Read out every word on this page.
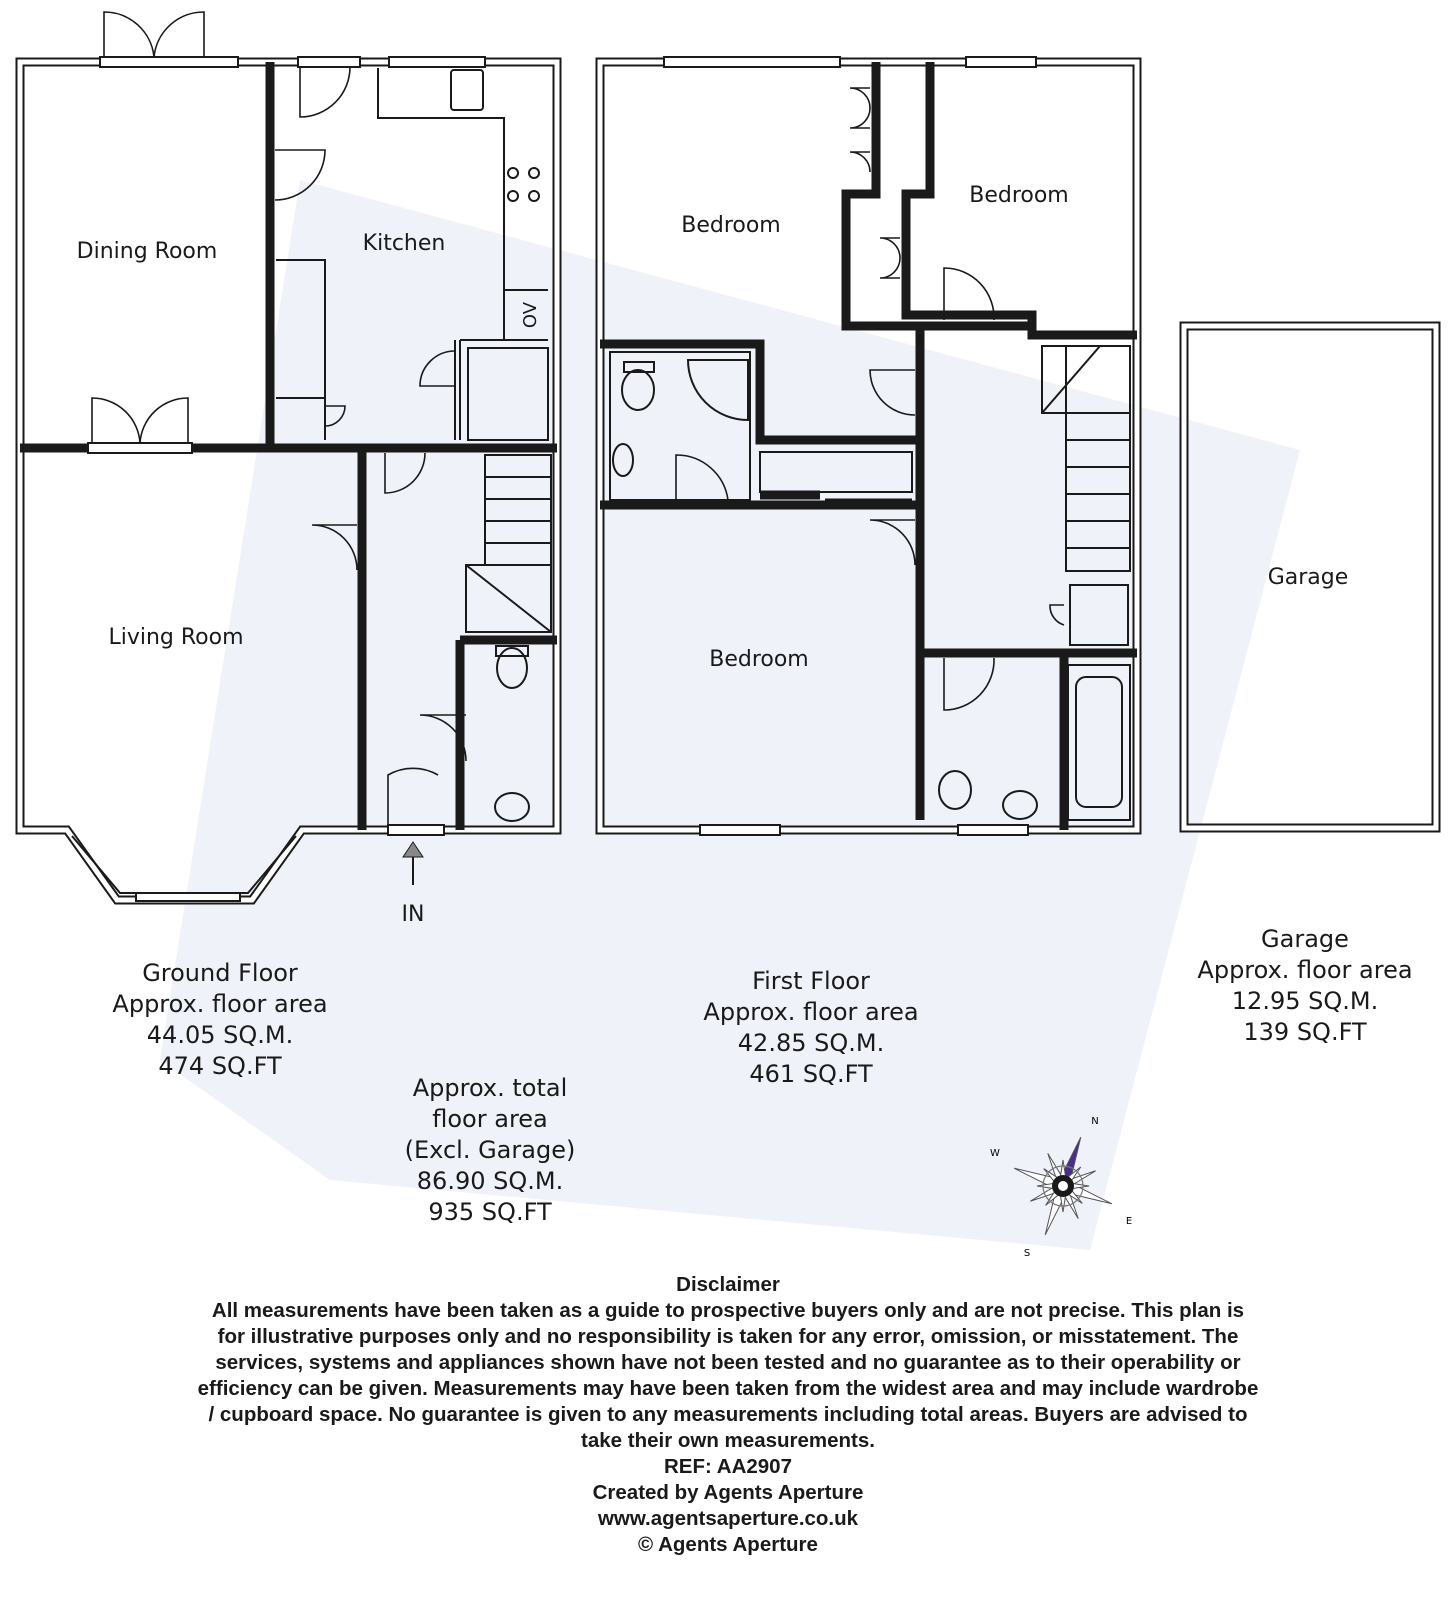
Dining Room	Kitchen
Living Room
Bedroom
Bedroom
Bedroom
Garage
OV
IN
N
E
S
W
Ground Floor
Approx. floor area
44.05 SQ.M.
474 SQ.FT
First Floor
Approx. floor area
42.85 SQ.M.
461 SQ.FT
Garage
Approx. floor area
12.95 SQ.M.
139 SQ.FT
Approx. total
floor area
(Excl. Garage)
86.90 SQ.M.
935 SQ.FT
Disclaimer
All measurements have been taken as a guide to prospective buyers only and are not precise. This plan is
for illustrative purposes only and no responsibility is taken for any error, omission, or misstatement. The
services, systems and appliances shown have not been tested and no guarantee as to their operability or
efficiency can be given. Measurements may have been taken from the widest area and may include wardrobe
/ cupboard space. No guarantee is given to any measurements including total areas. Buyers are advised to
take their own measurements.
REF: AA2907
Created by Agents Aperture
www.agentsaperture.co.uk
© Agents Aperture
